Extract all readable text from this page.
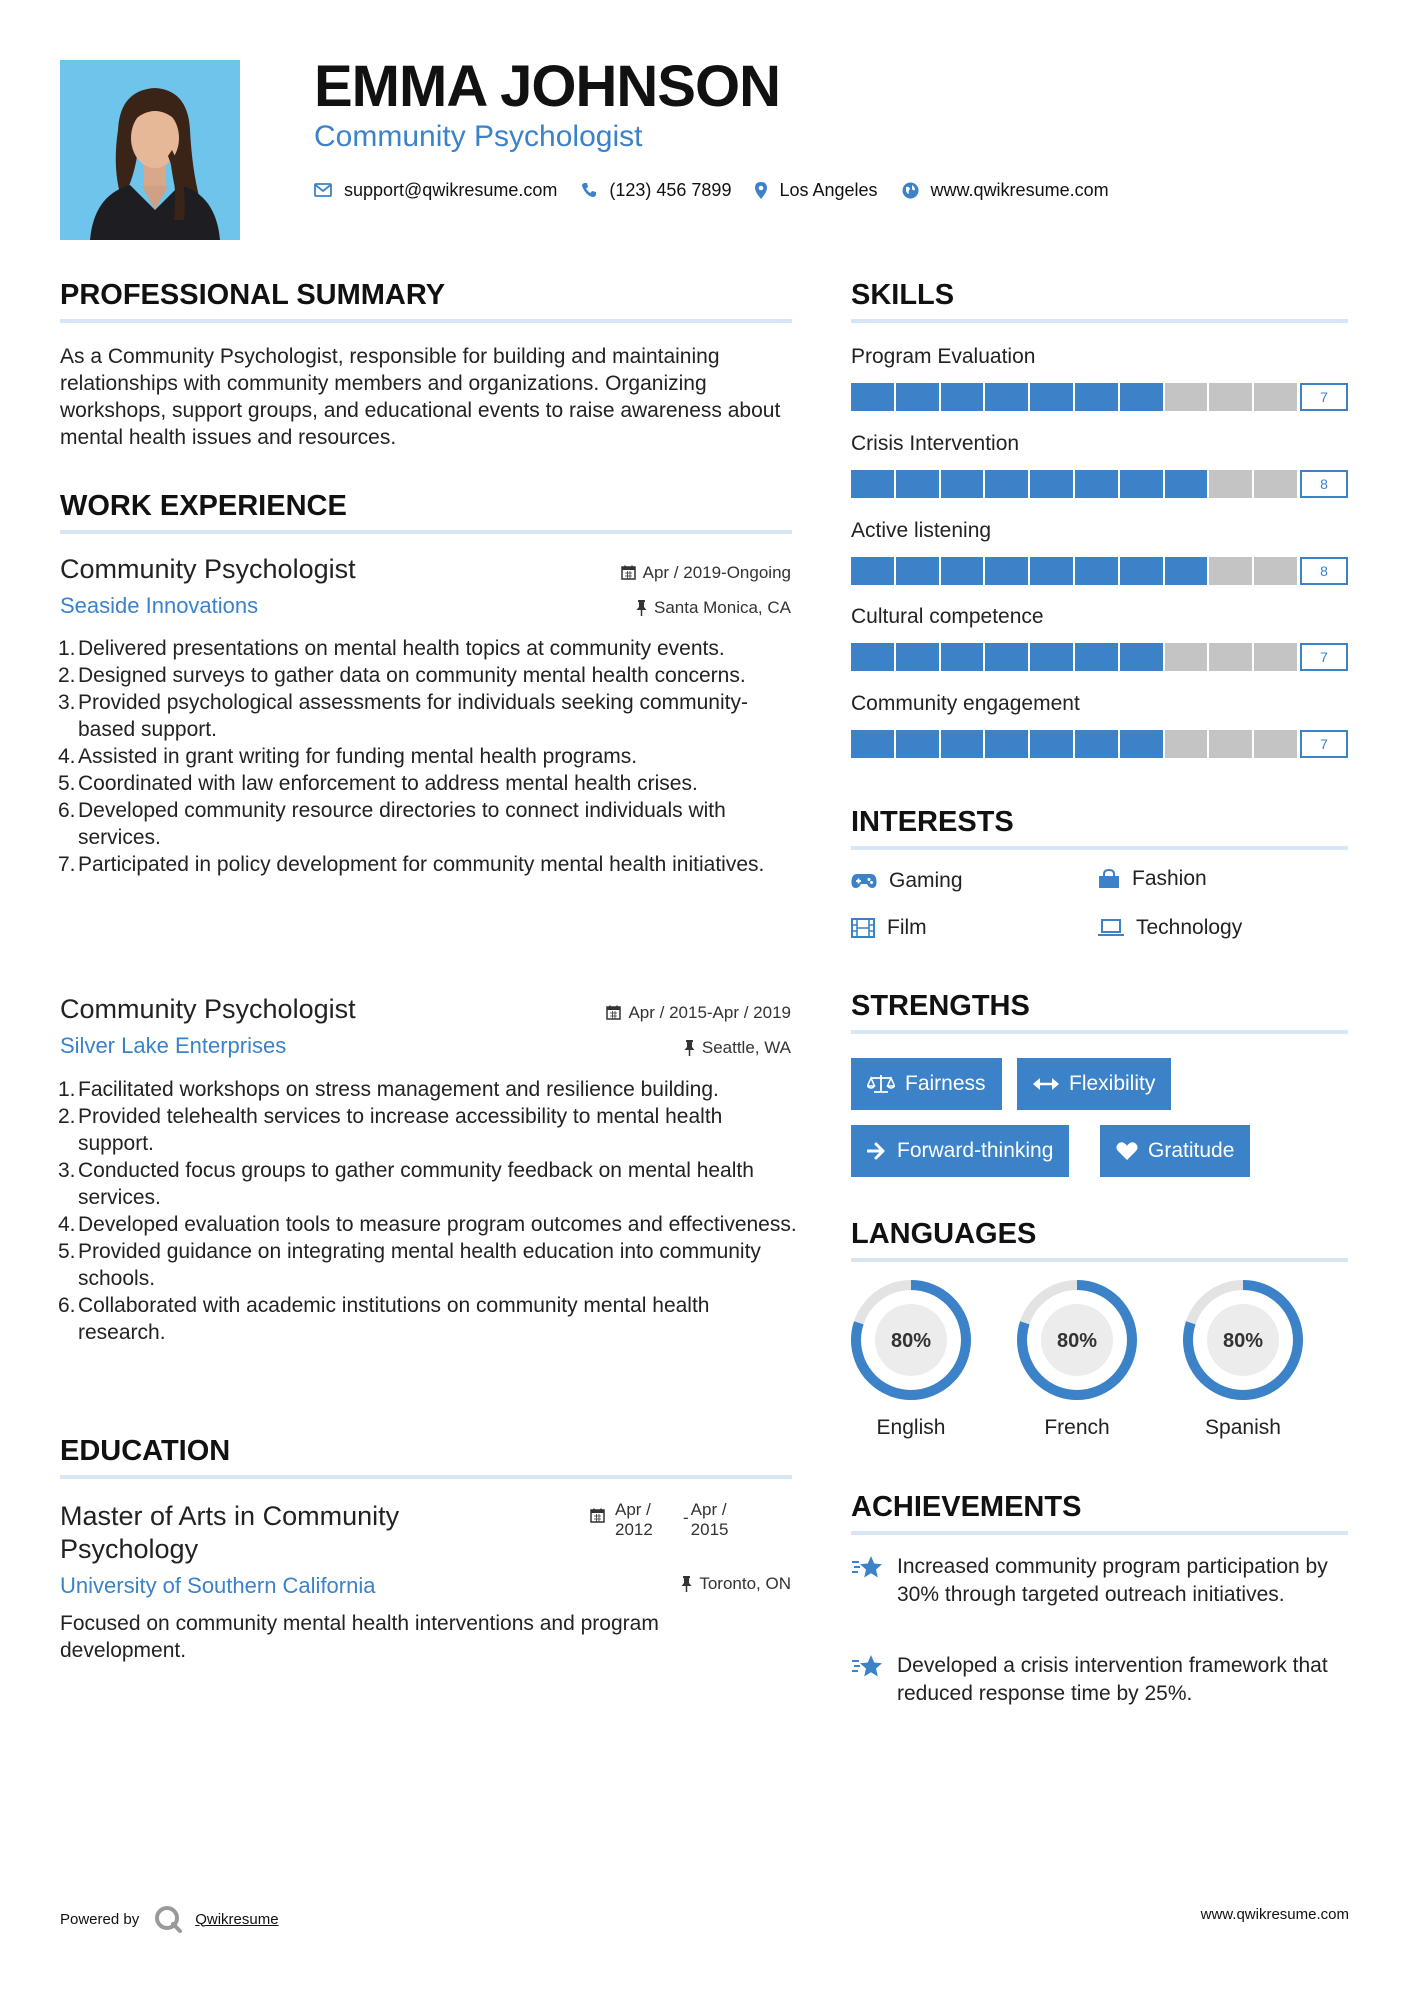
EMMA JOHNSON
Community Psychologist
support@qwikresume.com	(123) 456 7899	Los Angeles	www.qwikresume.com
PROFESSIONAL SUMMARY
As a Community Psychologist, responsible for building and maintaining relationships with community members and organizations. Organizing workshops, support groups, and educational events to raise awareness about mental health issues and resources.
WORK EXPERIENCE
Community Psychologist	Apr / 2019-Ongoing
Seaside Innovations	Santa Monica, CA
1. Delivered presentations on mental health topics at community events.
2. Designed surveys to gather data on community mental health concerns.
3. Provided psychological assessments for individuals seeking community-based support.
4. Assisted in grant writing for funding mental health programs.
5. Coordinated with law enforcement to address mental health crises.
6. Developed community resource directories to connect individuals with services.
7. Participated in policy development for community mental health initiatives.
Community Psychologist	Apr / 2015-Apr / 2019
Silver Lake Enterprises	Seattle, WA
1. Facilitated workshops on stress management and resilience building.
2. Provided telehealth services to increase accessibility to mental health support.
3. Conducted focus groups to gather community feedback on mental health services.
4. Developed evaluation tools to measure program outcomes and effectiveness.
5. Provided guidance on integrating mental health education into community schools.
6. Collaborated with academic institutions on community mental health research.
EDUCATION
Master of Arts in Community Psychology
Apr / 2012
- Apr / 2015
University of Southern California	Toronto, ON
Focused on community mental health interventions and program development.
SKILLS
Program Evaluation
7
Crisis Intervention
8
Active listening
8
Cultural competence
7
Community engagement
7
INTERESTS
Gaming	Fashion
Film	Technology
STRENGTHS
Fairness	Flexibility
Forward-thinking	Gratitude
LANGUAGES
80%	80%	80%
English	French	Spanish
ACHIEVEMENTS
Increased community program participation by 30% through targeted outreach initiatives.
Developed a crisis intervention framework that reduced response time by 25%.
Powered by	Qwikresume	www.qwikresume.com
